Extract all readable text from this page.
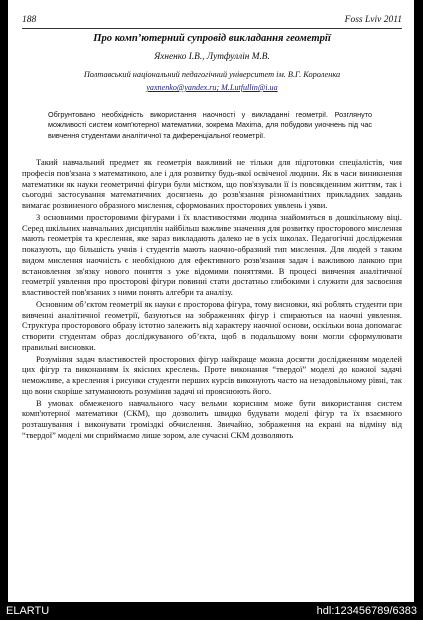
188	Foss Lviv 2011
Про комп’ютерний супровід викладання геометрії
Яхненко І.В., Лутфуллін М.В.
Полтавський національний педагогічний університет ім. В.Г. Короленка
yaxnenko@yandex.ru; M.Lutfullin@i.ua
Обгрунтовано необхідність використання наочності у викладанні геометрії. Розглянуто можливості систем комп'ютерної математики, зокрема Maxima, для побудови уиочнень під час вивчення студентами аналітичної та диференціальної геометрії.

Такий навчальний предмет як геометрія важливий не тільки для підготовки спеціалістів, чия професія пов'язана з математикою, але і для розвитку будь-якої освіченої людини. Як в часи виникнення математики як науки геометричні фігури були містком, що пов'язували її із повсякденним життям, так і сьогодні застосування математичних досягнень до розв'язання різноманітних прикладних завдань вимагає розвиненого образного мислення, сформованих просторових уявлень і уяви.

З основними просторовими фігурами і їх властивостями людина знайомиться в дошкільному віці. Серед шкільних навчальних дисциплін найбільш важливе значення для розвитку просторового мислення мають геометрія та креслення, яке зараз викладають далеко не в усіх школах. Педагогічні дослідження показують, що більшість учнів і студентів мають наочно-образний тип мислення. Для людей з таким видом мислення наочність є необхідною для ефективного розв'язання задач і важливою ланкою при встановлення зв'язку нового поняття з уже відомими поняттями. В процесі вивчення аналітичної геометрії уявлення про просторові фігури повинні стати достатньо глибокими і служити для засвоєння властивостей пов'язаних з ними понять алгебри та аналізу.

Основним об’єктом геометрії як науки є просторова фігура, тому висновки, які роблять студенти при вивченні аналітичної геометрії, базуються на зображеннях фігур і спираються на наочні уявлення. Структура просторового образу істотно залежить від характеру наочної основи, оскільки вона допомагає створити студентам образ досліджуваного об’єкта, щоб в подальшому вони могли сформулювати правильні висновки.

Розуміння задач властивостей просторових фігур найкраще можна досягти дослідженням моделей цих фігур та виконанням їх якісних креслень. Проте виконання “твердої” моделі до кожної задачі неможливе, а креслення і рисунки студенти перших курсів виконують часто на незадовільному рівні, так що вони скоріше затуманюють розуміння задачі ні прояснюють його.

В умовах обмеженого навчального часу вельми корисним може бути використання систем комп'ютерної математики (СКМ), що дозволить швидко будувати моделі фігур та їх взаємного розташування і виконувати громіздкі обчислення. Звичайно, зображення на екрані на відміну від “твердої” моделі ми сприймаємо лише зором, але сучасні СКМ дозволяють

ELARTU	hdl:123456789/6383
